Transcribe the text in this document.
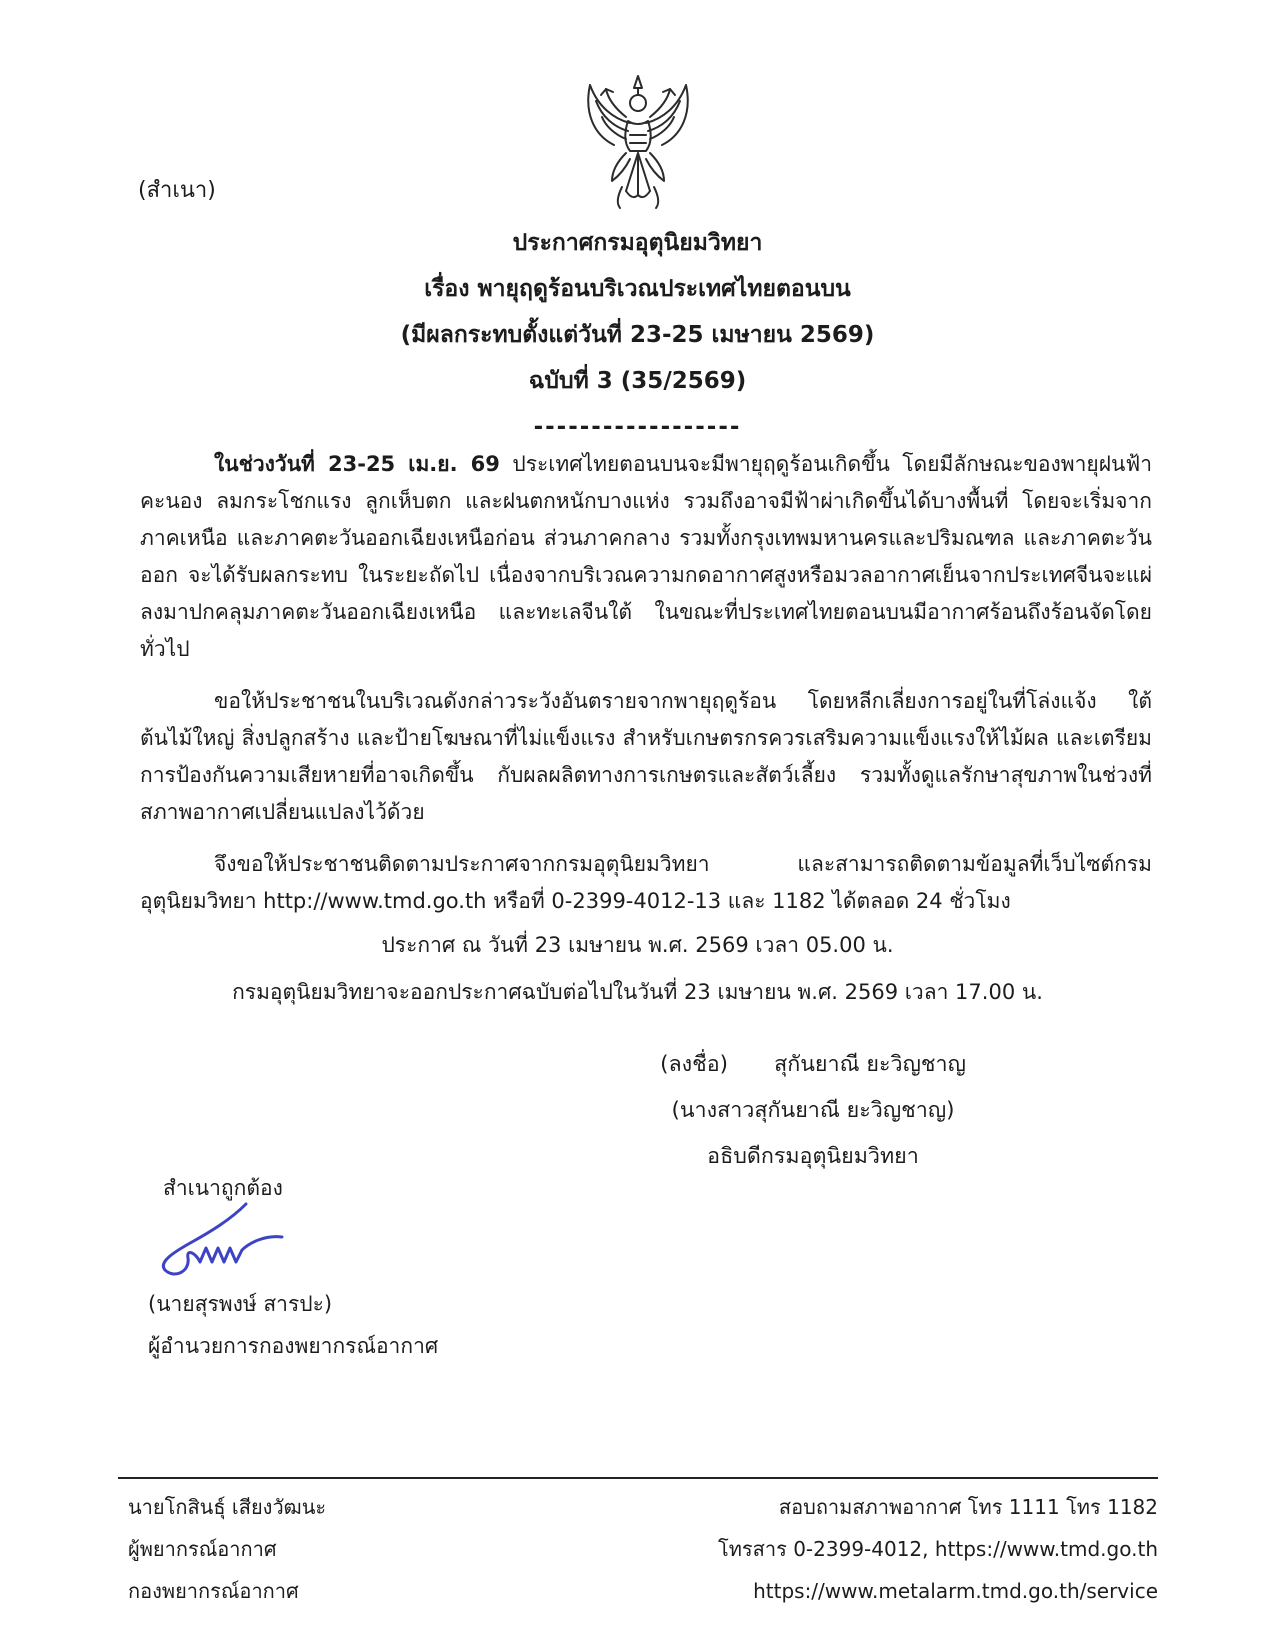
(สำเนา)
ประกาศกรมอุตุนิยมวิทยา
เรื่อง พายุฤดูร้อนบริเวณประเทศไทยตอนบน
(มีผลกระทบตั้งแต่วันที่ 23-25 เมษายน 2569)
ฉบับที่ 3 (35/2569)
------------------

ในช่วงวันที่ 23-25 เม.ย. 69 ประเทศไทยตอนบนจะมีพายุฤดูร้อนเกิดขึ้น โดยมีลักษณะของพายุฝนฟ้าคะนอง ลมกระโชกแรง ลูกเห็บตก และฝนตกหนักบางแห่ง รวมถึงอาจมีฟ้าผ่าเกิดขึ้นได้บางพื้นที่ โดยจะเริ่มจากภาคเหนือ และภาคตะวันออกเฉียงเหนือก่อน ส่วนภาคกลาง รวมทั้งกรุงเทพมหานครและปริมณฑล และภาคตะวันออก จะได้รับผลกระทบ ในระยะถัดไป เนื่องจากบริเวณความกดอากาศสูงหรือมวลอากาศเย็นจากประเทศจีนจะแผ่ลงมาปกคลุมภาคตะวันออกเฉียงเหนือ และทะเลจีนใต้ ในขณะที่ประเทศไทยตอนบนมีอากาศร้อนถึงร้อนจัดโดยทั่วไป

ขอให้ประชาชนในบริเวณดังกล่าวระวังอันตรายจากพายุฤดูร้อน โดยหลีกเลี่ยงการอยู่ในที่โล่งแจ้ง ใต้ต้นไม้ใหญ่ สิ่งปลูกสร้าง และป้ายโฆษณาที่ไม่แข็งแรง สำหรับเกษตรกรควรเสริมความแข็งแรงให้ไม้ผล และเตรียมการป้องกันความเสียหายที่อาจเกิดขึ้น กับผลผลิตทางการเกษตรและสัตว์เลี้ยง รวมทั้งดูแลรักษาสุขภาพในช่วงที่สภาพอากาศเปลี่ยนแปลงไว้ด้วย

จึงขอให้ประชาชนติดตามประกาศจากกรมอุตุนิยมวิทยา และสามารถติดตามข้อมูลที่เว็บไซต์กรมอุตุนิยมวิทยา http://www.tmd.go.th หรือที่ 0-2399-4012-13 และ 1182 ได้ตลอด 24 ชั่วโมง

ประกาศ ณ วันที่ 23 เมษายน พ.ศ. 2569 เวลา 05.00 น.
กรมอุตุนิยมวิทยาจะออกประกาศฉบับต่อไปในวันที่ 23 เมษายน พ.ศ. 2569 เวลา 17.00 น.
(ลงชื่อ) สุกันยาณี ยะวิญชาญ
(นางสาวสุกันยาณี ยะวิญชาญ)
อธิบดีกรมอุตุนิยมวิทยา
สำเนาถูกต้อง
(นายสุรพงษ์ สารปะ)
ผู้อำนวยการกองพยากรณ์อากาศ
นายโกสินธุ์ เสียงวัฒนะ
ผู้พยากรณ์อากาศ
กองพยากรณ์อากาศ
สอบถามสภาพอากาศ โทร 1111 โทร 1182
โทรสาร 0-2399-4012, https://www.tmd.go.th
https://www.metalarm.tmd.go.th/service
